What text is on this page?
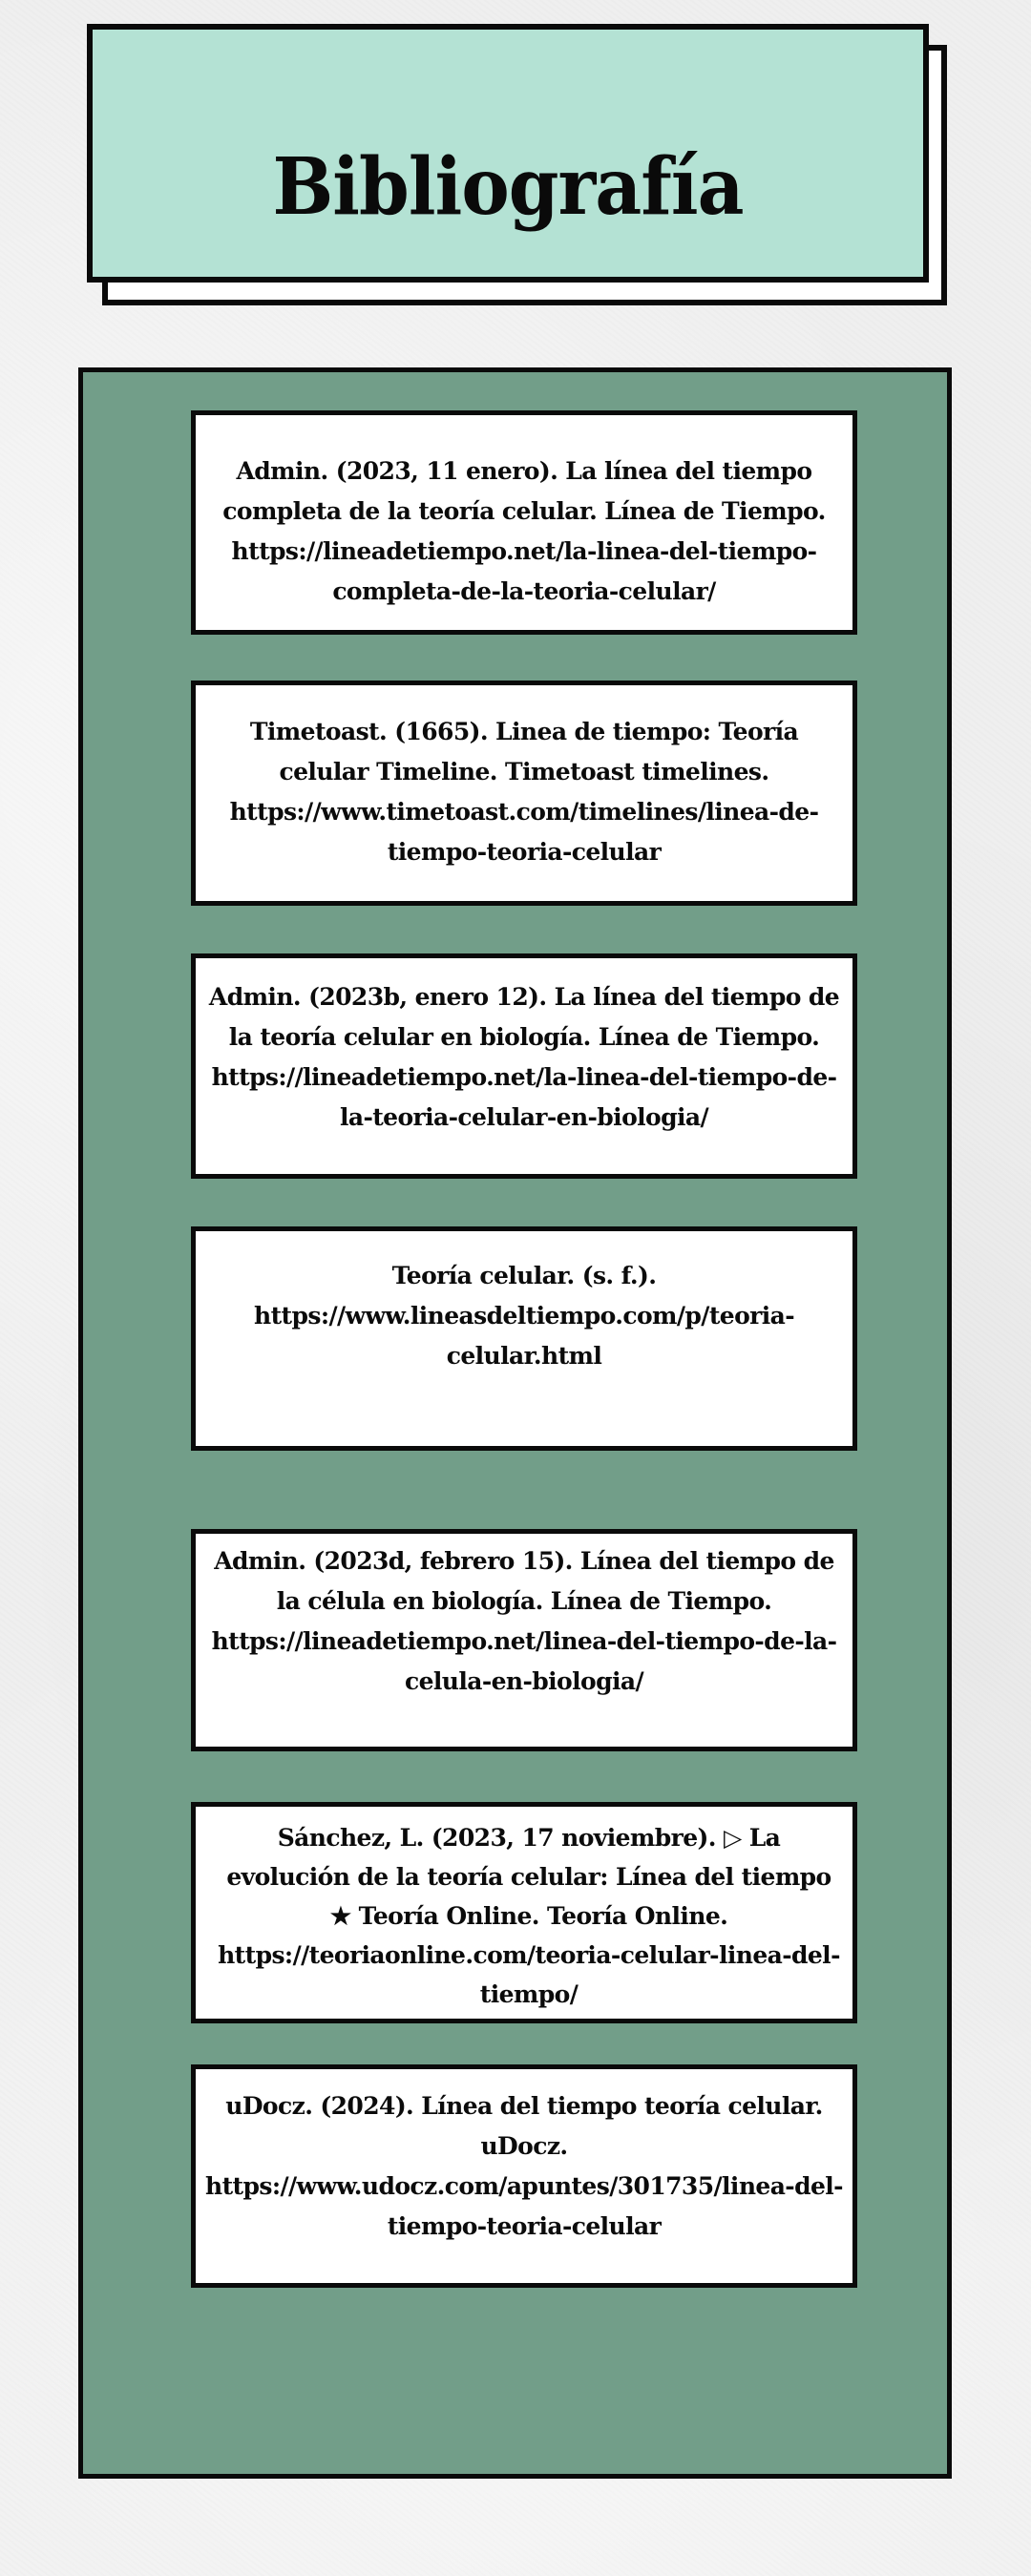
Bibliografía
Admin. (2023, 11 enero). La línea del tiempo completa de la teoría celular. Línea de Tiempo. https://lineadetiempo.net/la-linea-del-tiempo-completa-de-la-teoria-celular/
Timetoast. (1665). Linea de tiempo: Teoría celular Timeline. Timetoast timelines. https://www.timetoast.com/timelines/linea-de-tiempo-teoria-celular
Admin. (2023b, enero 12). La línea del tiempo de la teoría celular en biología. Línea de Tiempo. https://lineadetiempo.net/la-linea-del-tiempo-de-la-teoria-celular-en-biologia/
Teoría celular. (s. f.). https://www.lineasdeltiempo.com/p/teoria-celular.html
Admin. (2023d, febrero 15). Línea del tiempo de la célula en biología. Línea de Tiempo. https://lineadetiempo.net/linea-del-tiempo-de-la-celula-en-biologia/
Sánchez, L. (2023, 17 noviembre). ▷ La evolución de la teoría celular: Línea del tiempo ★ Teoría Online. Teoría Online. https://teoriaonline.com/teoria-celular-linea-del-tiempo/
uDocz. (2024). Línea del tiempo teoría celular. uDocz. https://www.udocz.com/apuntes/301735/linea-del-tiempo-teoria-celular
